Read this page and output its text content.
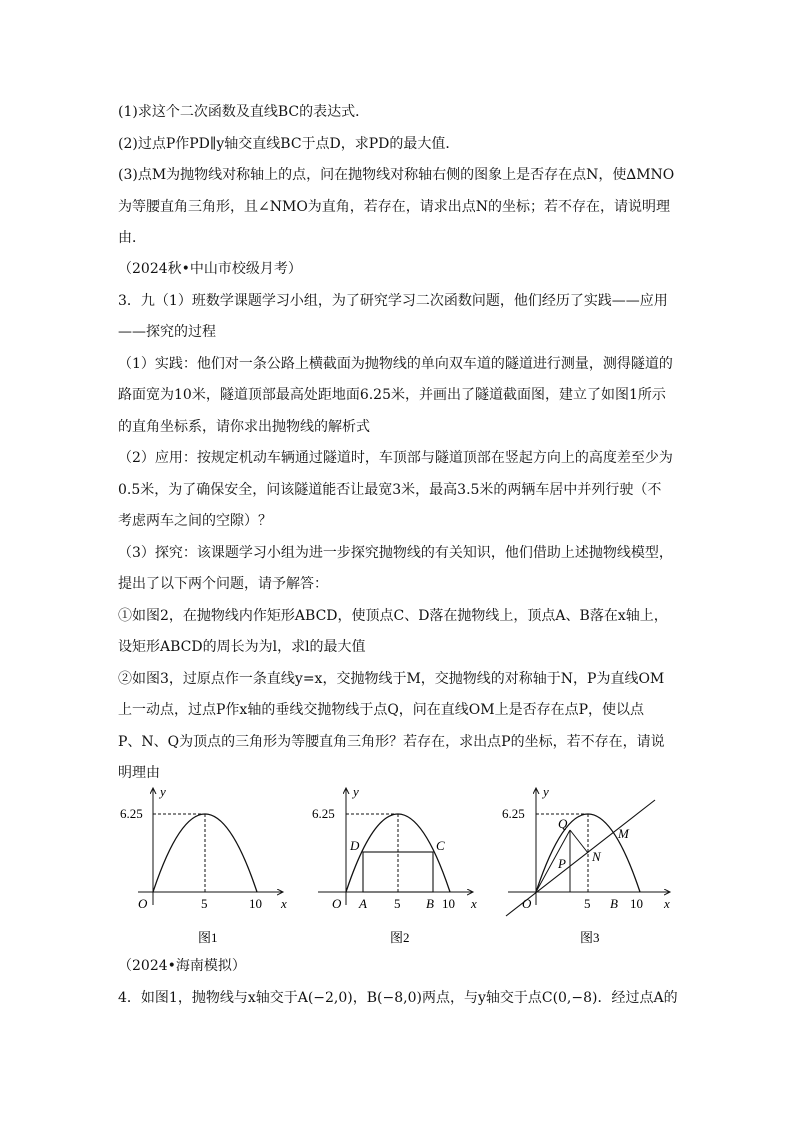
(1)求这个二次函数及直线BC的表达式．
(2)过点P作PD∥y轴交直线BC于点D，求PD的最大值．
(3)点M为抛物线对称轴上的点，问在抛物线对称轴右侧的图象上是否存在点N，使∆MNO
为等腰直角三角形，且∠NMO为直角，若存在，请求出点N的坐标；若不存在，请说明理
由．
（2024秋•中山市校级月考）
3．九（1）班数学课题学习小组，为了研究学习二次函数问题，他们经历了实践——应用
——探究的过程
（1）实践：他们对一条公路上横截面为抛物线的单向双车道的隧道进行测量，测得隧道的
路面宽为10米，隧道顶部最高处距地面6.25米，并画出了隧道截面图，建立了如图1所示
的直角坐标系，请你求出抛物线的解析式
（2）应用：按规定机动车辆通过隧道时，车顶部与隧道顶部在竖起方向上的高度差至少为
0.5米，为了确保安全，问该隧道能否让最宽3米，最高3.5米的两辆车居中并列行驶（不
考虑两车之间的空隙）？
（3）探究：该课题学习小组为进一步探究抛物线的有关知识，他们借助上述抛物线模型，
提出了以下两个问题，请予解答：
①如图2，在抛物线内作矩形ABCD，使顶点C、D落在抛物线上，顶点A、B落在x轴上，
设矩形ABCD的周长为为l，求l的最大值
②如图3，过原点作一条直线y=x，交抛物线于M，交抛物线的对称轴于N，P为直线OM
上一动点，过点P作x轴的垂线交抛物线于点Q，问在直线OM上是否存在点P，使以点
P、N、Q为顶点的三角形为等腰直角三角形？若存在，求出点P的坐标，若不存在，请说
明理由
y
x
O	5	10
6.25
图1
y
x
O A 5 B 10
D	C
6.25
图2
y
x
O	5 B 10
Q
M
N
P
6.25
图3
（2024•海南模拟）
4．如图1，抛物线与x轴交于A(−2,0)，B(−8,0)两点，与y轴交于点C(0,−8)．经过点A的
